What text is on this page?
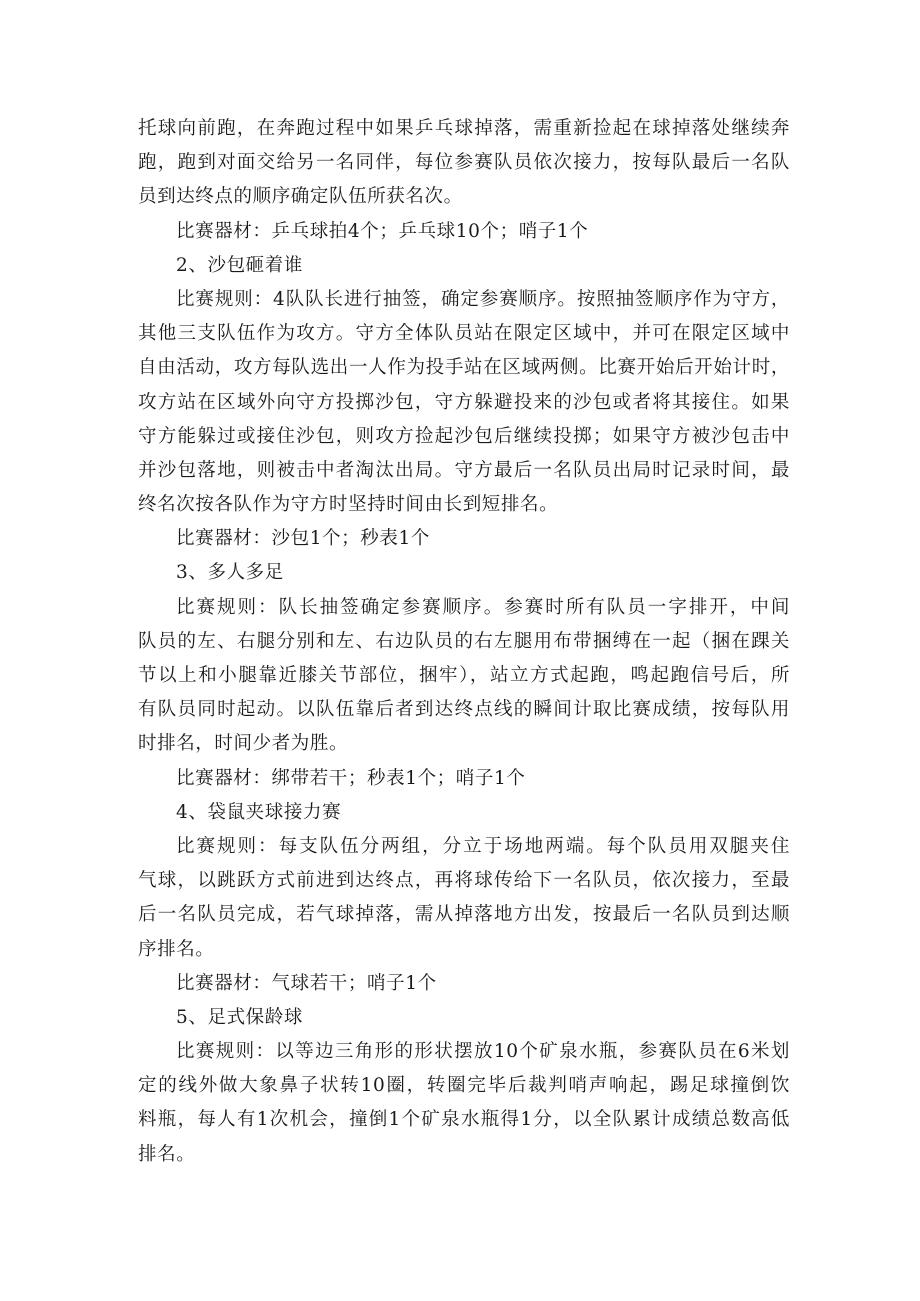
托球向前跑，在奔跑过程中如果乒乓球掉落，需重新捡起在球掉落处继续奔
跑，跑到对面交给另一名同伴，每位参赛队员依次接力，按每队最后一名队
员到达终点的顺序确定队伍所获名次。
比赛器材：乒乓球拍4个；乒乓球10个；哨子1个
2、沙包砸着谁
比赛规则：4队队长进行抽签，确定参赛顺序。按照抽签顺序作为守方，
其他三支队伍作为攻方。守方全体队员站在限定区域中，并可在限定区域中
自由活动，攻方每队选出一人作为投手站在区域两侧。比赛开始后开始计时，
攻方站在区域外向守方投掷沙包，守方躲避投来的沙包或者将其接住。如果
守方能躲过或接住沙包，则攻方捡起沙包后继续投掷；如果守方被沙包击中
并沙包落地，则被击中者淘汰出局。守方最后一名队员出局时记录时间，最
终名次按各队作为守方时坚持时间由长到短排名。
比赛器材：沙包1个；秒表1个
3、多人多足
比赛规则：队长抽签确定参赛顺序。参赛时所有队员一字排开，中间
队员的左、右腿分别和左、右边队员的右左腿用布带捆缚在一起（捆在踝关
节以上和小腿靠近膝关节部位，捆牢），站立方式起跑，鸣起跑信号后，所
有队员同时起动。以队伍靠后者到达终点线的瞬间计取比赛成绩，按每队用
时排名，时间少者为胜。
比赛器材：绑带若干；秒表1个；哨子1个
4、袋鼠夹球接力赛
比赛规则：每支队伍分两组，分立于场地两端。每个队员用双腿夹住
气球，以跳跃方式前进到达终点，再将球传给下一名队员，依次接力，至最
后一名队员完成，若气球掉落，需从掉落地方出发，按最后一名队员到达顺
序排名。
比赛器材：气球若干；哨子1个
5、足式保龄球
比赛规则：以等边三角形的形状摆放10个矿泉水瓶，参赛队员在6米划
定的线外做大象鼻子状转10圈，转圈完毕后裁判哨声响起，踢足球撞倒饮
料瓶，每人有1次机会，撞倒1个矿泉水瓶得1分，以全队累计成绩总数高低
排名。
